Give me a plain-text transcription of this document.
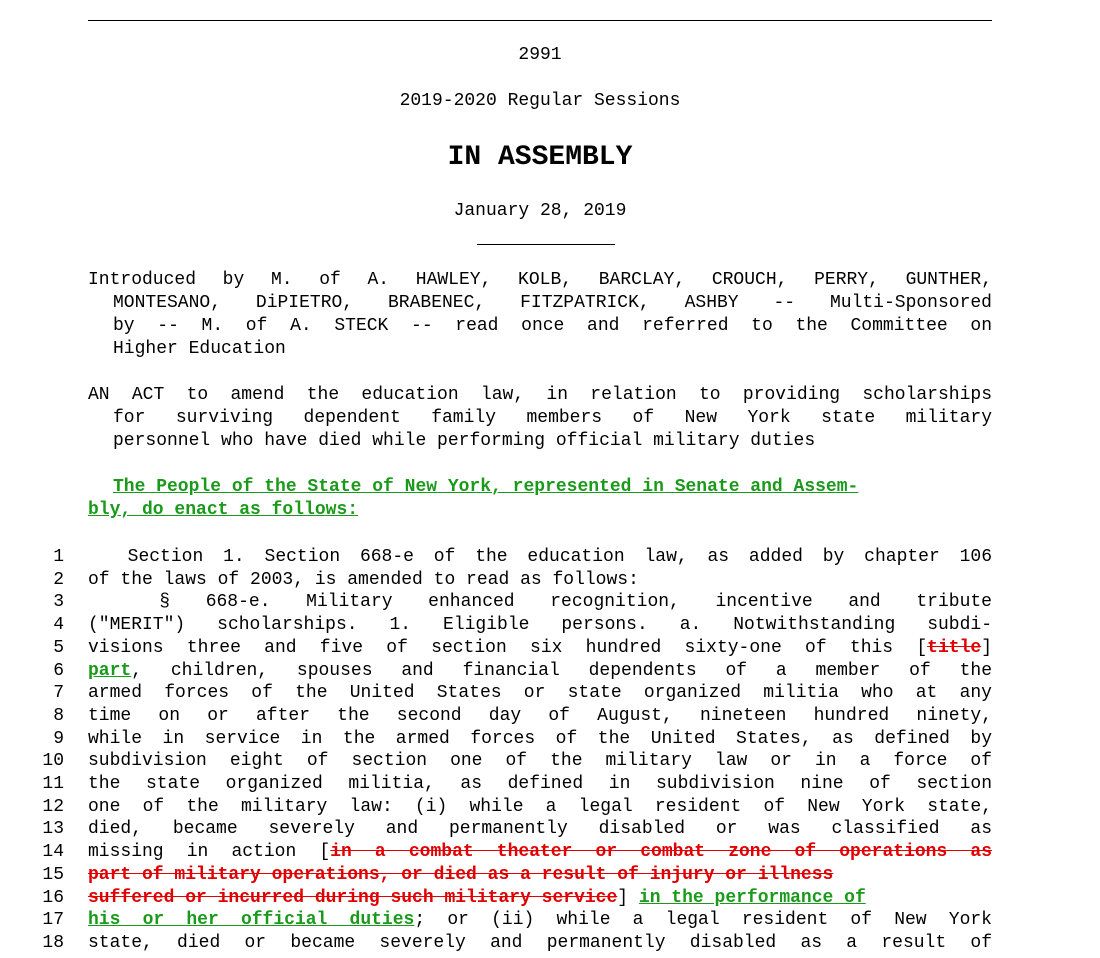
2991
2019-2020 Regular Sessions
IN ASSEMBLY
January 28, 2019
Introduced by M. of A. HAWLEY, KOLB, BARCLAY, CROUCH, PERRY, GUNTHER,
MONTESANO, DiPIETRO, BRABENEC, FITZPATRICK, ASHBY -- Multi-Sponsored
by -- M. of A. STECK -- read once and referred to the Committee on
Higher Education
AN ACT to amend the education law, in relation to providing scholarships
for surviving dependent family members of New York state military
personnel who have died while performing official military duties
The People of the State of New York, represented in Senate and Assem-
bly, do enact as follows:
1 Section 1. Section 668-e of the education law, as added by chapter 106
2 of the laws of 2003, is amended to read as follows:
3 § 668-e. Military enhanced recognition, incentive and tribute
4 ("MERIT") scholarships. 1. Eligible persons. a. Notwithstanding subdi-
5 visions three and five of section six hundred sixty-one of this [title]
6 part, children, spouses and financial dependents of a member of the
7 armed forces of the United States or state organized militia who at any
8 time on or after the second day of August, nineteen hundred ninety,
9 while in service in the armed forces of the United States, as defined by
10 subdivision eight of section one of the military law or in a force of
11 the state organized militia, as defined in subdivision nine of section
12 one of the military law: (i) while a legal resident of New York state,
13 died, became severely and permanently disabled or was classified as
14 missing in action [in a combat theater or combat zone of operations as
15 part of military operations, or died as a result of injury or illness
16 suffered or incurred during such military service] in the performance of
17 his or her official duties; or (ii) while a legal resident of New York
18 state, died or became severely and permanently disabled as a result of
